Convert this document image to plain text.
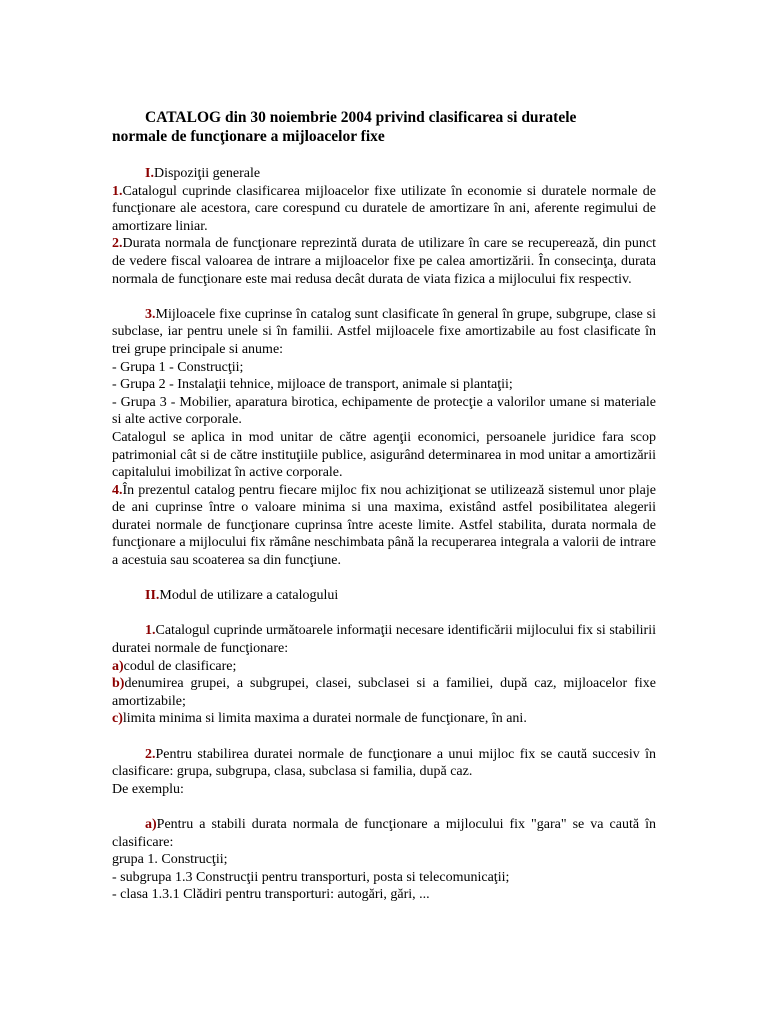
CATALOG din 30 noiembrie 2004 privind clasificarea si duratele
normale de funcţionare a mijloacelor fixe
I.Dispoziţii generale
1.Catalogul cuprinde clasificarea mijloacelor fixe utilizate în economie si duratele normale de funcţionare ale acestora, care corespund cu duratele de amortizare în ani, aferente regimului de amortizare liniar.
2.Durata normala de funcţionare reprezintă durata de utilizare în care se recuperează, din punct de vedere fiscal valoarea de intrare a mijloacelor fixe pe calea amortizării. În consecinţa, durata normala de funcţionare este mai redusa decât durata de viata fizica a mijlocului fix respectiv.
3.Mijloacele fixe cuprinse în catalog sunt clasificate în general în grupe, subgrupe, clase si subclase, iar pentru unele si în familii. Astfel mijloacele fixe amortizabile au fost clasificate în trei grupe principale si anume:
- Grupa 1 - Construcţii;
- Grupa 2 - Instalaţii tehnice, mijloace de transport, animale si plantaţii;
- Grupa 3 - Mobilier, aparatura birotica, echipamente de protecţie a valorilor umane si materiale si alte active corporale.
Catalogul se aplica in mod unitar de către agenţii economici, persoanele juridice fara scop patrimonial cât si de către instituţiile publice, asigurând determinarea in mod unitar a amortizării capitalului imobilizat în active corporale.
4.În prezentul catalog pentru fiecare mijloc fix nou achiziţionat se utilizează sistemul unor plaje de ani cuprinse între o valoare minima si una maxima, existând astfel posibilitatea alegerii duratei normale de funcţionare cuprinsa între aceste limite. Astfel stabilita, durata normala de funcţionare a mijlocului fix rămâne neschimbata până la recuperarea integrala a valorii de intrare a acestuia sau scoaterea sa din funcţiune.
II.Modul de utilizare a catalogului
1.Catalogul cuprinde următoarele informaţii necesare identificării mijlocului fix si stabilirii duratei normale de funcţionare:
a)codul de clasificare;
b)denumirea grupei, a subgrupei, clasei, subclasei si a familiei, după caz, mijloacelor fixe amortizabile;
c)limita minima si limita maxima a duratei normale de funcţionare, în ani.
2.Pentru stabilirea duratei normale de funcţionare a unui mijloc fix se caută succesiv în clasificare: grupa, subgrupa, clasa, subclasa si familia, după caz.
De exemplu:
a)Pentru a stabili durata normala de funcţionare a mijlocului fix "gara" se va caută în clasificare:
grupa 1. Construcţii;
- subgrupa 1.3 Construcţii pentru transporturi, posta si telecomunicaţii;
- clasa 1.3.1 Clădiri pentru transporturi: autogări, gări, ...
